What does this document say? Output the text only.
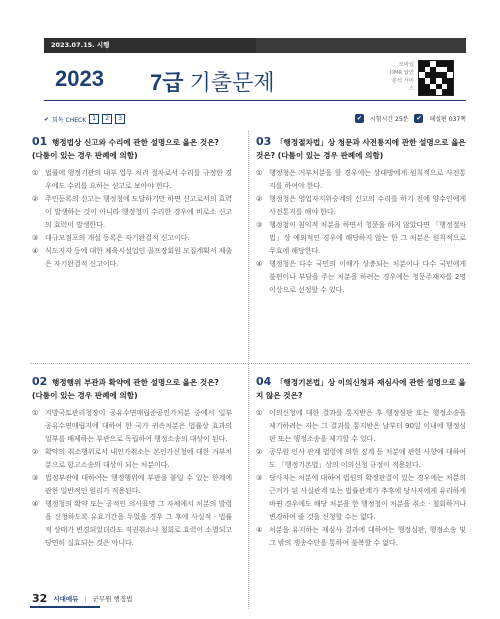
2023.07.15. 시행
2023 7급 기출문제
모바일 OMR 답안분석 서비스
✔ 회독 CHECK	1	2	3	✔	시험시간 25분	✔	해설편 037쪽
01 행정법상 신고와 수리에 관한 설명으로 옳은 것은? (다툼이 있는 경우 판례에 의함)
① 법률에 행정기관의 내부 업무 처리 절차로서 수리를 규정한 경우에도 수리를 요하는 신고로 보아야 한다.
② 주민등록의 신고는 행정청에 도달하기만 하면 신고로서의 효력이 발생하는 것이 아니라 행정청이 수리한 경우에 비로소 신고의 효력이 발생한다.
③ 대규모점포의 개설 등록은 자기완결적 신고이다.
④ 식도지자 등에 대한 체육시설업인 골프장회원 모집계획서 제출은 자기완결적 신고이다.
03 「행정절차법」상 청문과 사전통지에 관한 설명으로 옳은 것은? (다툼이 있는 경우 판례에 의함)
① 행정청은 거부처분을 할 경우에는 상대방에게 원칙적으로 사전통지를 하여야 한다.
② 행정청은 영업자지위승계의 신고의 수리를 하기 전에 양수인에게 사전통지를 해야 한다.
③ 행정청이 침익적 처분을 하면서 청문을 하지 않았다면 「행정절차법」상 예외적인 경우에 해당하지 않는 한 그 처분은 원칙적으로 무효에 해당한다.
④ 행정청은 다수 국민의 이해가 상충되는 처분이나 다수 국민에게 불편이나 부담을 주는 처분을 하려는 경우에는 청문주재자를 2명 이상으로 선정할 수 있다.
02 행정행위 부관과 확약에 관한 설명으로 옳은 것은? (다툼이 있는 경우 판례에 의함)
① 지방국토관리청장이 공유수면매립준공인가처분 중에서 일부 공유수면매립지에 대하여 한 국가 귀속처분은 법률상 효과의 일부를 배제하는 부관으로 독립하여 행정소송의 대상이 된다.
② 확약의 취소행위로서 내인가취소는 본인가신청에 대한 거부처분으로 항고소송의 대상이 되는 처분이다.
③ 법정부관에 대하여는 행정행위에 부관을 붙일 수 있는 한계에 관한 일반적인 원리가 적용된다.
④ 행정청의 확약 또는 공적인 의사표명 그 자체에서 처분의 발령을 신청하도록 유효기간을 두었을 경우 그 후에 사실적 · 법률적 상태가 변경되었더라도 직권취소나 철회로 효력이 소멸되고 당연히 실효되는 것은 아니다.
04 「행정기본법」상 이의신청과 재심사에 관한 설명으로 옳지 않은 것은?
① 이의신청에 대한 결과를 통지받은 후 행정심판 또는 행정소송을 제기하려는 자는 그 결과를 통지받은 날부터 90일 이내에 행정심판 또는 행정소송을 제기할 수 있다.
② 공무원 인사 관계 법령에 의한 징계 등 처분에 관한 사항에 대하여도 「행정기본법」상의 이의신청 규정이 적용된다.
③ 당사자는 처분에 대하여 법원의 확정판결이 있는 경우에는 처분의 근거가 된 사실관계 또는 법률관계가 추후에 당사자에게 유리하게 바뀐 경우에도 해당 처분을 한 행정청이 처분을 취소 · 철회하거나 변경하여 줄 것을 신청할 수는 없다.
④ 처분을 유지하는 재심사 결과에 대하여는 행정심판, 행정소송 및 그 밖의 쟁송수단을 통하여 불복할 수 없다.
32 시대에듀 | 군무원 행정법
